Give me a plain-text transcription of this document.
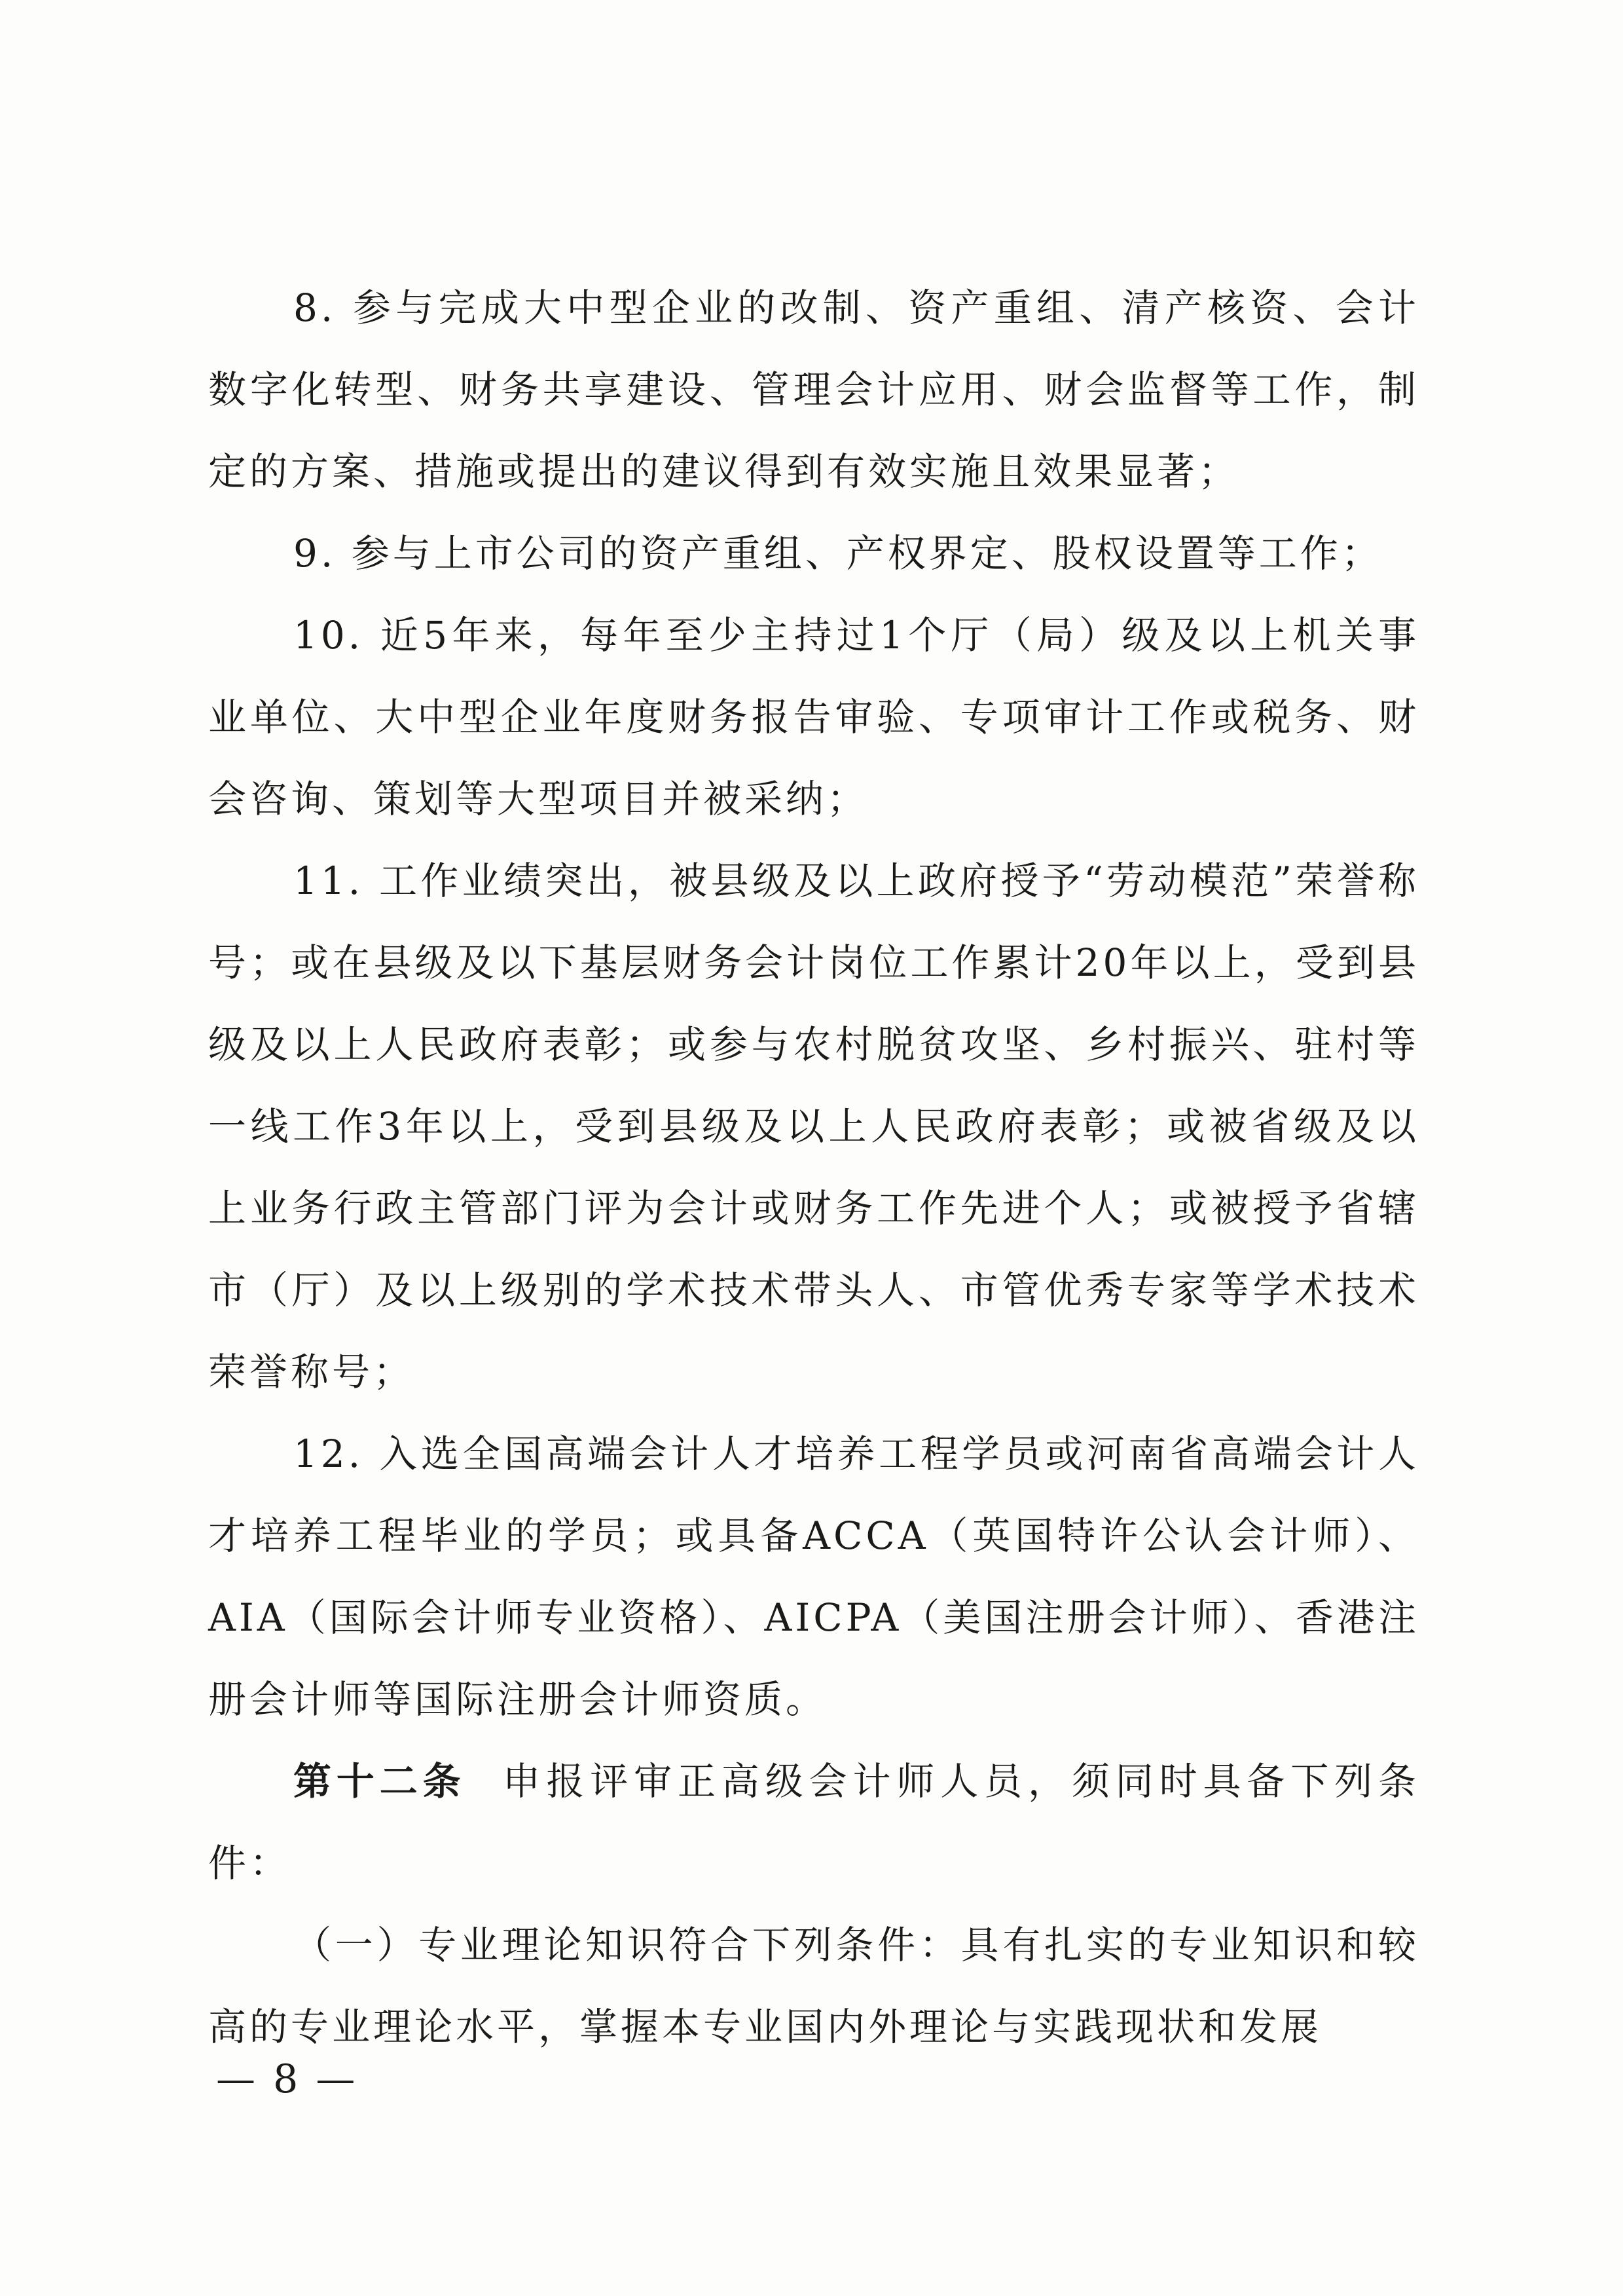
8. 参与完成大中型企业的改制、资产重组、清产核资、会计数字化转型、财务共享建设、管理会计应用、财会监督等工作，制定的方案、措施或提出的建议得到有效实施且效果显著；

9. 参与上市公司的资产重组、产权界定、股权设置等工作；

10. 近5年来，每年至少主持过1个厅（局）级及以上机关事业单位、大中型企业年度财务报告审验、专项审计工作或税务、财会咨询、策划等大型项目并被采纳；

11. 工作业绩突出，被县级及以上政府授予“劳动模范”荣誉称号；或在县级及以下基层财务会计岗位工作累计20年以上，受到县级及以上人民政府表彰；或参与农村脱贫攻坚、乡村振兴、驻村等一线工作3年以上，受到县级及以上人民政府表彰；或被省级及以上业务行政主管部门评为会计或财务工作先进个人；或被授予省辖市（厅）及以上级别的学术技术带头人、市管优秀专家等学术技术荣誉称号；

12. 入选全国高端会计人才培养工程学员或河南省高端会计人才培养工程毕业的学员；或具备ACCA（英国特许公认会计师）、AIA（国际会计师专业资格）、AICPA（美国注册会计师）、香港注册会计师等国际注册会计师资质。

第十二条 申报评审正高级会计师人员，须同时具备下列条件：

（一）专业理论知识符合下列条件：具有扎实的专业知识和较高的专业理论水平，掌握本专业国内外理论与实践现状和发展

— 8 —
